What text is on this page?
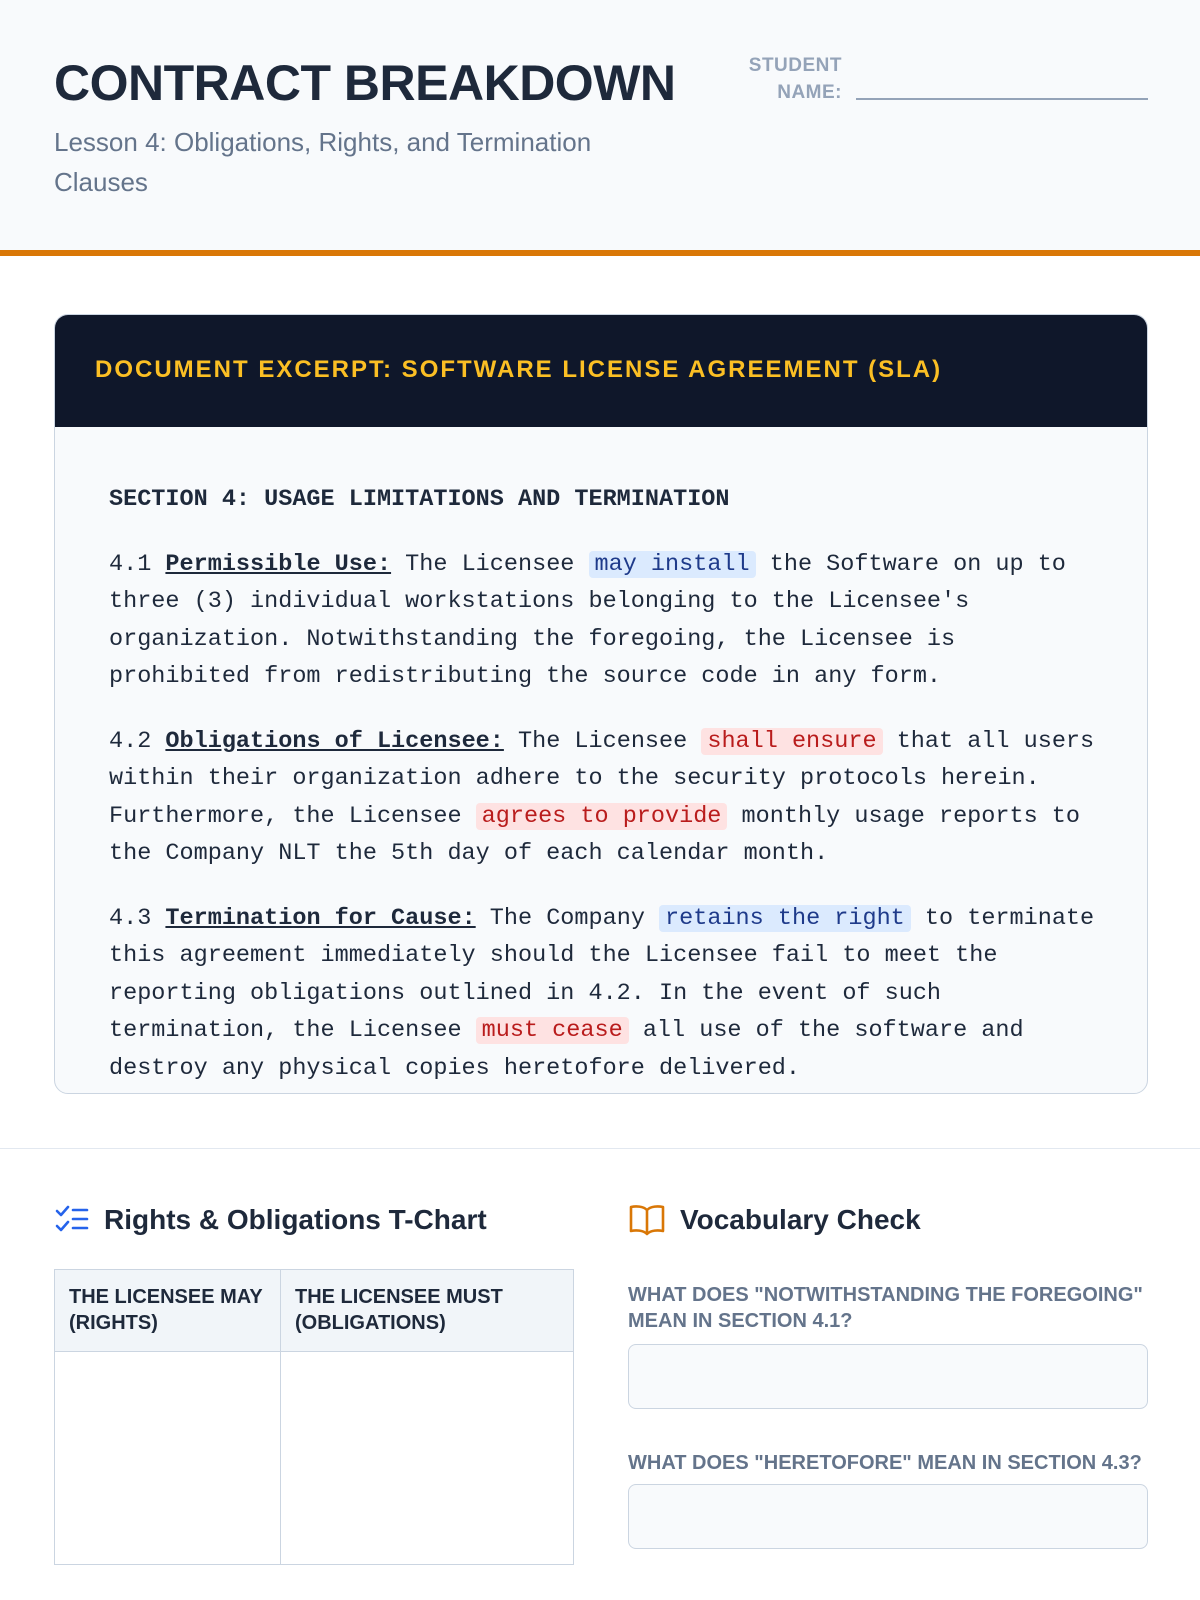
CONTRACT BREAKDOWN

Lesson 4: Obligations, Rights, and Termination Clauses

STUDENT NAME:
DOCUMENT EXCERPT: SOFTWARE LICENSE AGREEMENT (SLA)
SECTION 4: USAGE LIMITATIONS AND TERMINATION

4.1 Permissible Use: The Licensee may install the Software on up to three (3) individual workstations belonging to the Licensee's organization. Notwithstanding the foregoing, the Licensee is prohibited from redistributing the source code in any form.

4.2 Obligations of Licensee: The Licensee shall ensure that all users within their organization adhere to the security protocols herein. Furthermore, the Licensee agrees to provide monthly usage reports to the Company NLT the 5th day of each calendar month.

4.3 Termination for Cause: The Company retains the right to terminate this agreement immediately should the Licensee fail to meet the reporting obligations outlined in 4.2. In the event of such termination, the Licensee must cease all use of the software and destroy any physical copies heretofore delivered.

Rights & Obligations T-Chart
THE LICENSEE MAY (RIGHTS)
THE LICENSEE MUST (OBLIGATIONS)
Vocabulary Check
WHAT DOES "NOTWITHSTANDING THE FOREGOING" MEAN IN SECTION 4.1?
WHAT DOES "HERETOFORE" MEAN IN SECTION 4.3?
